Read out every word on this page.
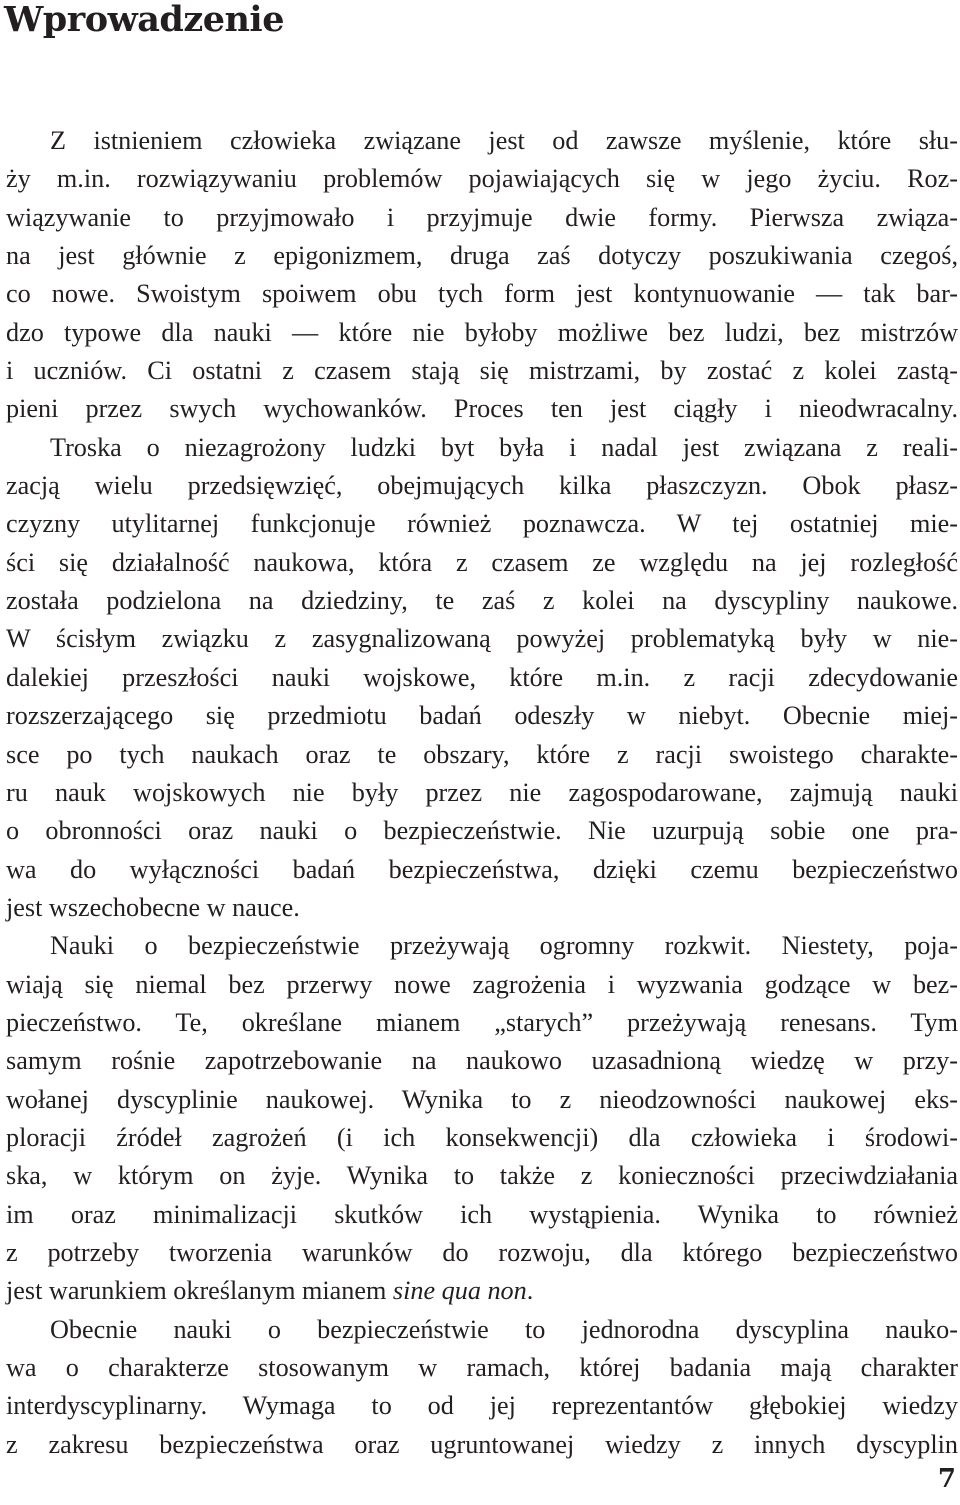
Wprowadzenie
Z istnieniem człowieka związane jest od zawsze myślenie, które słu-
ży m.in. rozwiązywaniu problemów pojawiających się w jego życiu. Roz-
wiązywanie to przyjmowało i przyjmuje dwie formy. Pierwsza związa-
na jest głównie z epigonizmem, druga zaś dotyczy poszukiwania czegoś,
co nowe. Swoistym spoiwem obu tych form jest kontynuowanie — tak bar-
dzo typowe dla nauki — które nie byłoby możliwe bez ludzi, bez mistrzów
i uczniów. Ci ostatni z czasem stają się mistrzami, by zostać z kolei zastą-
pieni przez swych wychowanków. Proces ten jest ciągły i nieodwracalny.
Troska o niezagrożony ludzki byt była i nadal jest związana z reali-
zacją wielu przedsięwzięć, obejmujących kilka płaszczyzn. Obok płasz-
czyzny utylitarnej funkcjonuje również poznawcza. W tej ostatniej mie-
ści się działalność naukowa, która z czasem ze względu na jej rozległość
została podzielona na dziedziny, te zaś z kolei na dyscypliny naukowe.
W ścisłym związku z zasygnalizowaną powyżej problematyką były w nie-
dalekiej przeszłości nauki wojskowe, które m.in. z racji zdecydowanie
rozszerzającego się przedmiotu badań odeszły w niebyt. Obecnie miej-
sce po tych naukach oraz te obszary, które z racji swoistego charakte-
ru nauk wojskowych nie były przez nie zagospodarowane, zajmują nauki
o obronności oraz nauki o bezpieczeństwie. Nie uzurpują sobie one pra-
wa do wyłączności badań bezpieczeństwa, dzięki czemu bezpieczeństwo
jest wszechobecne w nauce.
Nauki o bezpieczeństwie przeżywają ogromny rozkwit. Niestety, poja-
wiają się niemal bez przerwy nowe zagrożenia i wyzwania godzące w bez-
pieczeństwo. Te, określane mianem „starych” przeżywają renesans. Tym
samym rośnie zapotrzebowanie na naukowo uzasadnioną wiedzę w przy-
wołanej dyscyplinie naukowej. Wynika to z nieodzowności naukowej eks-
ploracji źródeł zagrożeń (i ich konsekwencji) dla człowieka i środowi-
ska, w którym on żyje. Wynika to także z konieczności przeciwdziałania
im oraz minimalizacji skutków ich wystąpienia. Wynika to również
z potrzeby tworzenia warunków do rozwoju, dla którego bezpieczeństwo
jest warunkiem określanym mianem sine qua non.
Obecnie nauki o bezpieczeństwie to jednorodna dyscyplina nauko-
wa o charakterze stosowanym w ramach, której badania mają charakter
interdyscyplinarny. Wymaga to od jej reprezentantów głębokiej wiedzy
z zakresu bezpieczeństwa oraz ugruntowanej wiedzy z innych dyscyplin
7
